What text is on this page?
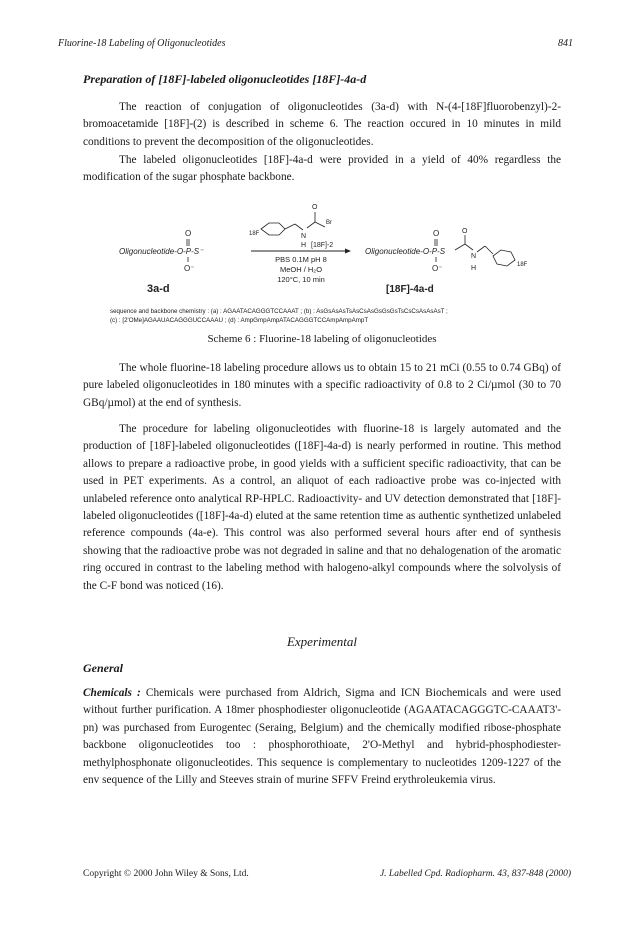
Fluorine-18 Labeling of Oligonucleotides	841
Preparation of [18F]-labeled oligonucleotides [18F]-4a-d

The reaction of conjugation of oligonucleotides (3a-d) with N-(4-[18F]fluorobenzyl)-2-bromoacetamide [18F]-(2) is described in scheme 6. The reaction occured in 10 minutes in mild conditions to prevent the decomposition of the oligonucleotides.

The labeled oligonucleotides [18F]-4a-d were provided in a yield of 40% regardless the modification of the sugar phosphate backbone.

Oligonucleotide-O-P-S⁻
O
O⁻
3a-d
18F	N
H
O
Br
[18F]-2
PBS 0.1M pH 8
MeOH / H₂O
120°C, 10 min
Oligonucleotide-O-P-S
O
O⁻
O
N
H	18F
[18F]-4a-d
sequence and backbone chemistry : (a) : AGAATACAGGGTCCAAAT ; (b) : AsGsAsAsTsAsCsAsGsGsGsTsCsCsAsAsAsT ;
(c) : [2'OMe]AGAAUACAGGGUCCAAAU ; (d) : AmpGmpAmpATACAGGGTCCAmpAmpAmpT
Scheme 6 : Fluorine-18 labeling of oligonucleotides

The whole fluorine-18 labeling procedure allows us to obtain 15 to 21 mCi (0.55 to 0.74 GBq) of pure labeled oligonucleotides in 180 minutes with a specific radioactivity of 0.8 to 2 Ci/µmol (30 to 70 GBq/µmol) at the end of synthesis.

The procedure for labeling oligonucleotides with fluorine-18 is largely automated and the production of [18F]-labeled oligonucleotides ([18F]-4a-d) is nearly performed in routine. This method allows to prepare a radioactive probe, in good yields with a sufficient specific radioactivity, that can be used in PET experiments. As a control, an aliquot of each radioactive probe was co-injected with unlabeled reference onto analytical RP-HPLC. Radioactivity- and UV detection demonstrated that [18F]-labeled oligonucleotides ([18F]-4a-d) eluted at the same retention time as authentic synthetized unlabeled reference compounds (4a-e). This control was also performed several hours after end of synthesis showing that the radioactive probe was not degraded in saline and that no dehalogenation of the aromatic ring occured in contrast to the labeling method with halogeno-alkyl compounds where the solvolysis of the C-F bond was noticed (16).

Experimental
General

Chemicals : Chemicals were purchased from Aldrich, Sigma and ICN Biochemicals and were used without further purification. A 18mer phosphodiester oligonucleotide (AGAATACAGGGTC-CAAAT3'-pn) was purchased from Eurogentec (Seraing, Belgium) and the chemically modified ribose-phosphate backbone oligonucleotides too : phosphorothioate, 2'O-Methyl and hybrid-phosphodiester-methylphosphonate oligonucleotides. This sequence is complementary to nucleotides 1209-1227 of the env sequence of the Lilly and Steeves strain of murine SFFV Freind erythroleukemia virus.

Copyright © 2000 John Wiley & Sons, Ltd.	J. Labelled Cpd. Radiopharm. 43, 837-848 (2000)
